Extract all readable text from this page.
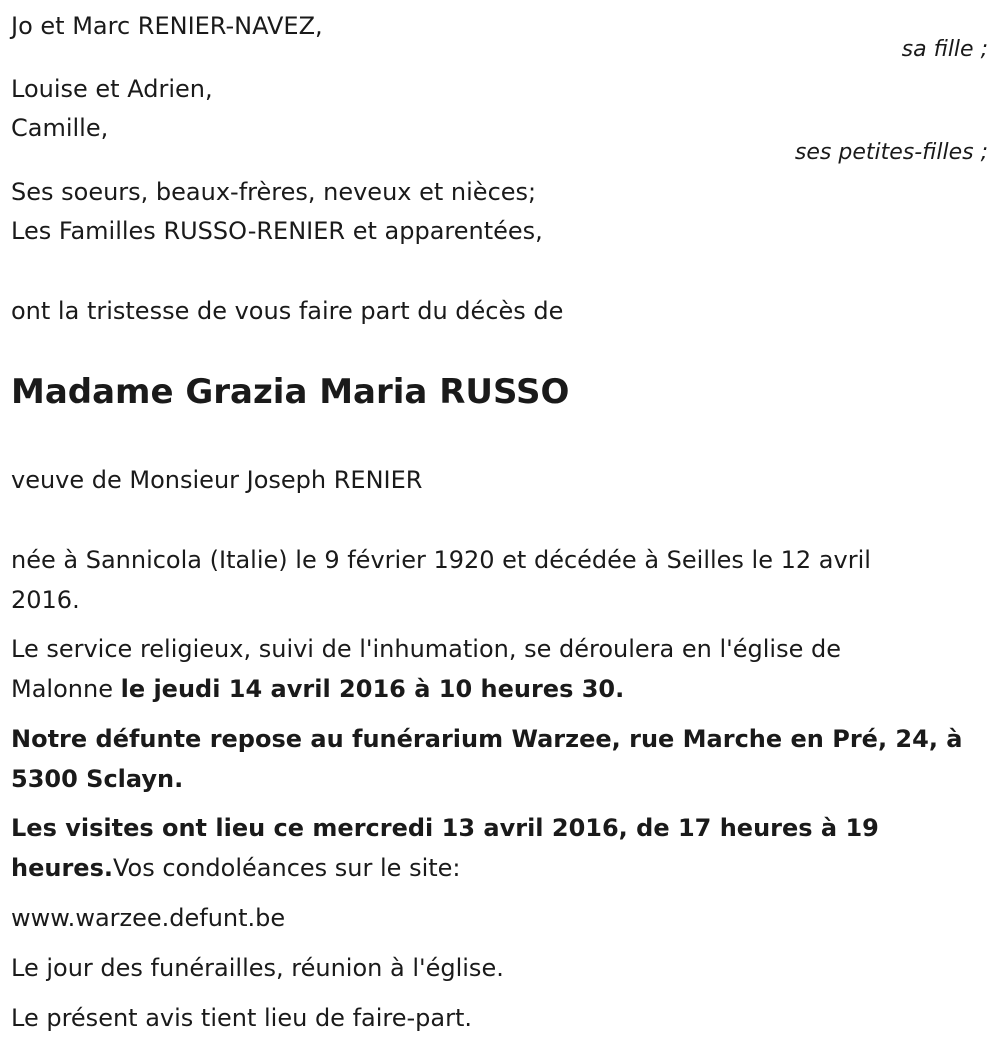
Jo et Marc RENIER-NAVEZ,
sa fille ;
Louise et Adrien,
Camille,
ses petites-filles ;
Ses soeurs, beaux-frères, neveux et nièces;
Les Familles RUSSO-RENIER et apparentées,
ont la tristesse de vous faire part du décès de
Madame Grazia Maria RUSSO
veuve de Monsieur Joseph RENIER
née à Sannicola (Italie) le 9 février 1920 et décédée à Seilles le 12 avril
2016.
Le service religieux, suivi de l'inhumation, se déroulera en l'église de
Malonne le jeudi 14 avril 2016 à 10 heures 30.
Notre défunte repose au funérarium Warzee, rue Marche en Pré, 24, à
5300 Sclayn.
Les visites ont lieu ce mercredi 13 avril 2016, de 17 heures à 19
heures.Vos condoléances sur le site:
www.warzee.defunt.be
Le jour des funérailles, réunion à l'église.
Le présent avis tient lieu de faire-part.
